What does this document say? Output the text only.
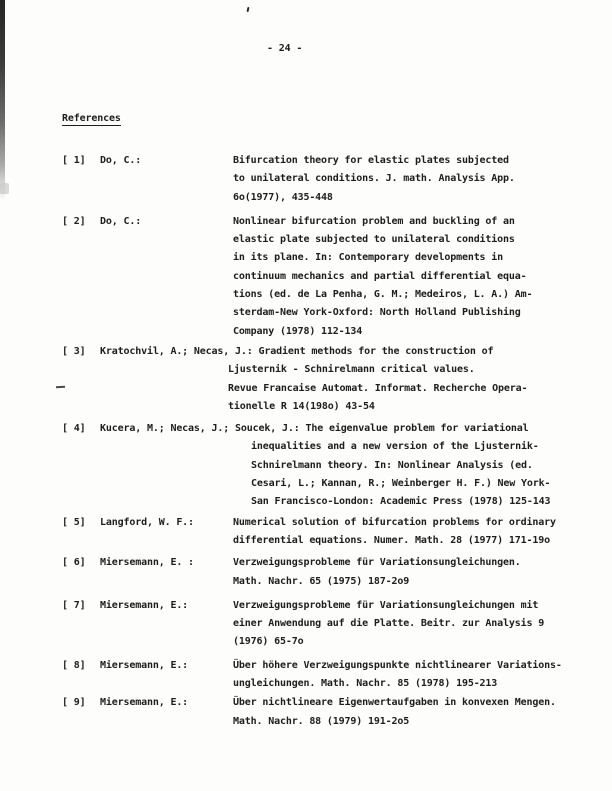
- 24 -
References
[ 1]	Do, C.:	Bifurcation theory for elastic plates subjected
to unilateral conditions. J. math. Analysis App.
6o(1977), 435-448
[ 2]	Do, C.:	Nonlinear bifurcation problem and buckling of an
elastic plate subjected to unilateral conditions
in its plane. In: Contemporary developments in
continuum mechanics and partial differential equa-
tions (ed. de La Penha, G. M.; Medeiros, L. A.) Am-
sterdam-New York-Oxford: North Holland Publishing
Company (1978) 112-134
[ 3]	Kratochvil, A.; Necas, J.: Gradient methods for the construction of
Ljusternik - Schnirelmann critical values.
Revue Francaise Automat. Informat. Recherche Opera-
tionelle R 14(198o) 43-54
[ 4]	Kucera, M.; Necas, J.; Soucek, J.: The eigenvalue problem for variational
inequalities and a new version of the Ljusternik-
Schnirelmann theory. In: Nonlinear Analysis (ed.
Cesari, L.; Kannan, R.; Weinberger H. F.) New York-
San Francisco-London: Academic Press (1978) 125-143
[ 5]	Langford, W. F.:	Numerical solution of bifurcation problems for ordinary
differential equations. Numer. Math. 28 (1977) 171-19o
[ 6]	Miersemann, E. :	Verzweigungsprobleme für Variationsungleichungen.
Math. Nachr. 65 (1975) 187-2o9
[ 7]	Miersemann, E.:	Verzweigungsprobleme für Variationsungleichungen mit
einer Anwendung auf die Platte. Beitr. zur Analysis 9
(1976) 65-7o
[ 8]	Miersemann, E.:	Über höhere Verzweigungspunkte nichtlinearer Variations-
ungleichungen. Math. Nachr. 85 (1978) 195-213
[ 9]	Miersemann, E.:	Über nichtlineare Eigenwertaufgaben in konvexen Mengen.
Math. Nachr. 88 (1979) 191-2o5
